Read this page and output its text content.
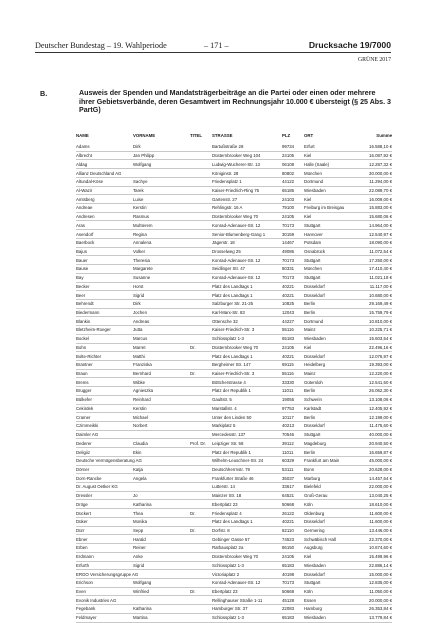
Deutscher Bundestag – 19. Wahlperiode	– 171 –	Drucksache 19/7000
GRÜNE 2017
B.	Ausweis der Spenden und Mandatsträgerbeiträge an die Partei oder einen oder mehrere ihrer Gebietsverbände, deren Gesamtwert im Rechnungsjahr 10.000 € übersteigt (§ 25 Abs. 3 PartG)
NAME	VORNAME	TITEL	STRASSE	PLZ	ORT	Summe
Adams	Dirk		Bartußstraße 28	99734	Erfurt	16.588,10 €
Albrecht	Jan Philipp		Düsternbrooker Weg 104	24105	Kiel	16.087,92 €
Aldag	Wolfgang		Ludwig-Wucherer-Str. 13	06108	Halle (Saale)	12.287,32 €
Allianz Deutschland AG			Königinstr. 28	80802	München	30.000,00 €
Altundal-Köse	Sachye		Friedensplatz 1	44122	Dortmund	11.294,00 €
Al-Wazir	Tarek		Kaiser-Friedrich-Ring 75	65185	Wiesbaden	22.089,70 €
Amtsberg	Luise		Gartenstr. 27	24103	Kiel	16.009,00 €
Andreae	Kerstin		Rehlingstr. 16 A	79100	Freiburg im Breisgau	15.883,00 €
Andresen	Rasmus		Düsternbrooker Weg 70	24105	Kiel	15.680,06 €
Aras	Muhterem		Konrad-Adenauer-Str. 12	70173	Stuttgart	14.964,00 €
Asendorf	Regina		Senior-Blumenberg-Gang 1	30159	Hannover	12.540,97 €
Baerbock	Annalena		Jägerstr. 18	14467	Potsdam	18.090,00 €
Bajus	Volker		Drosselweg 25	49086	Osnabrück	11.072,54 €
Bauer	Theresia		Konrad-Adenauer-Str. 12	70173	Stuttgart	17.250,00 €
Bause	Margarete		Seidlinger Str. 47	80331	München	17.410,40 €
Bay	Susanne		Konrad-Adenauer-Str. 12	70173	Stuttgart	11.021,18 €
Becker	Horst		Platz des Landtags 1	40221	Düsseldorf	11.117,00 €
Beer	Sigrid		Platz des Landtags 1	40221	Düsseldorf	10.680,00 €
Behrendt	Dirk		Salzburger Str. 21-25	10825	Berlin	29.169,49 €
Biedermann	Jochen		Karl-Marx-Str. 83	12043	Berlin	15.759,79 €
Blankis	Andreas		Ottensche 32	44227	Dortmund	10.810,00 €
Bletzheim-Roeger	Jutta		Kaiser-Friedrich-Str. 3	55116	Mainz	10.225,71 €
Bockel	Marcus		Schlossplatz 1-3	65183	Wiesbaden	15.603,54 €
Bohn	Marret	Dr.	Düsternbrooker Weg 70	24105	Kiel	22.496,16 €
Bolte-Richter	Matthi		Platz des Landtags 1	40221	Düsseldorf	12.076,97 €
Brantner	Franziska		Bergheimer Str. 147	69115	Heidelberg	19.393,00 €
Braun	Bernhard	Dr.	Kaiser-Friedrich-Str. 3	55116	Mainz	12.220,00 €
Brems	Wibke		Böttcherstrasse 4	33330	Gütersloh	12.541,50 €
Brugger	Agnieszka		Platz der Republik 1	11011	Berlin	26.062,30 €
Bülkefer	Reinhard		Gaultstr. 5	19055	Schwerin	13.108,06 €
Cekirdek	Kerstin		Marstallstr. 4	97753	Karlstadt	12.405,92 €
Cramer	Michael		Unter den Linden 50	10117	Berlin	12.199,00 €
Czimmeikki	Norbert		Markiplatz 5	40213	Düsseldorf	11.475,60 €
Daimler AG			Mercedesstr. 137	70546	Stuttgart	40.000,00 €
Dederer	Claudia	Prof. Dr.	Leipziger Str. 58	39112	Magdeburg	20.940,50 €
Deligiiz	Ekin		Platz der Republik 1	11011	Berlin	16.659,87 €
Deutsche Vermögensberatung AG			Wilhelm-Leuschner-Str. 24	60329	Frankfurt am Main	45.000,00 €
Dörner	Katja		Deutschherrnstr. 79	53111	Bonn	20.628,00 €
Dorn-Rancke	Angela		Frankfurter Straße 46	35037	Marburg	14.457,64 €
Dr. August Oetker KG			Lutterstr. 14	33617	Bielefeld	22.000,00 €
Dressler	Jo		Mainzer Str. 18	64521	Groß-Gerau	13.040,25 €
Dröge	Katharina		Ebertplatz 23	50668	Köln	18.610,00 €
Dückert	Thea	Dr.	Friedensplatz 4	26122	Oldenburg	11.600,00 €
Düker	Monika		Platz des Landtags 1	40221	Düsseldorf	11.600,00 €
Dürr	Sepp	Dr.	Dorfstr. 8	82110	Germering	13.446,00 €
Ebner	Harald		Gebinger Gasse 67	74523	Schwäbisch Hall	22.370,00 €
Erben	Reiner		Rathausplatz 2a	86150	Augsburg	10.674,60 €
Erdmann	Anke		Düsternbrooker Weg 70	24105	Kiel	15.499,96 €
Erfurth	Sigrid		Schlossplatz 1-3	65183	Wiesbaden	22.886,14 €
ERGO Versicherungsgruppe AG			Victoriaplatz 2	40198	Düsseldorf	15.000,00 €
Erichson	Wolfgang		Konrad-Adenauer-Str. 12	70173	Stuttgart	12.835,00 €
Even	Winfried	Dr.	Ebertplatz 23	50668	Köln	11.050,00 €
Evonik Industries AG			Rellinghauser Straße 1-11	45128	Essen	20.000,00 €
Fegebank	Katharina		Hamburger Str. 37	22083	Hamburg	26.353,84 €
Feldmayer	Martina		Schlossplatz 1-3	65183	Wiesbaden	13.779,84 €
